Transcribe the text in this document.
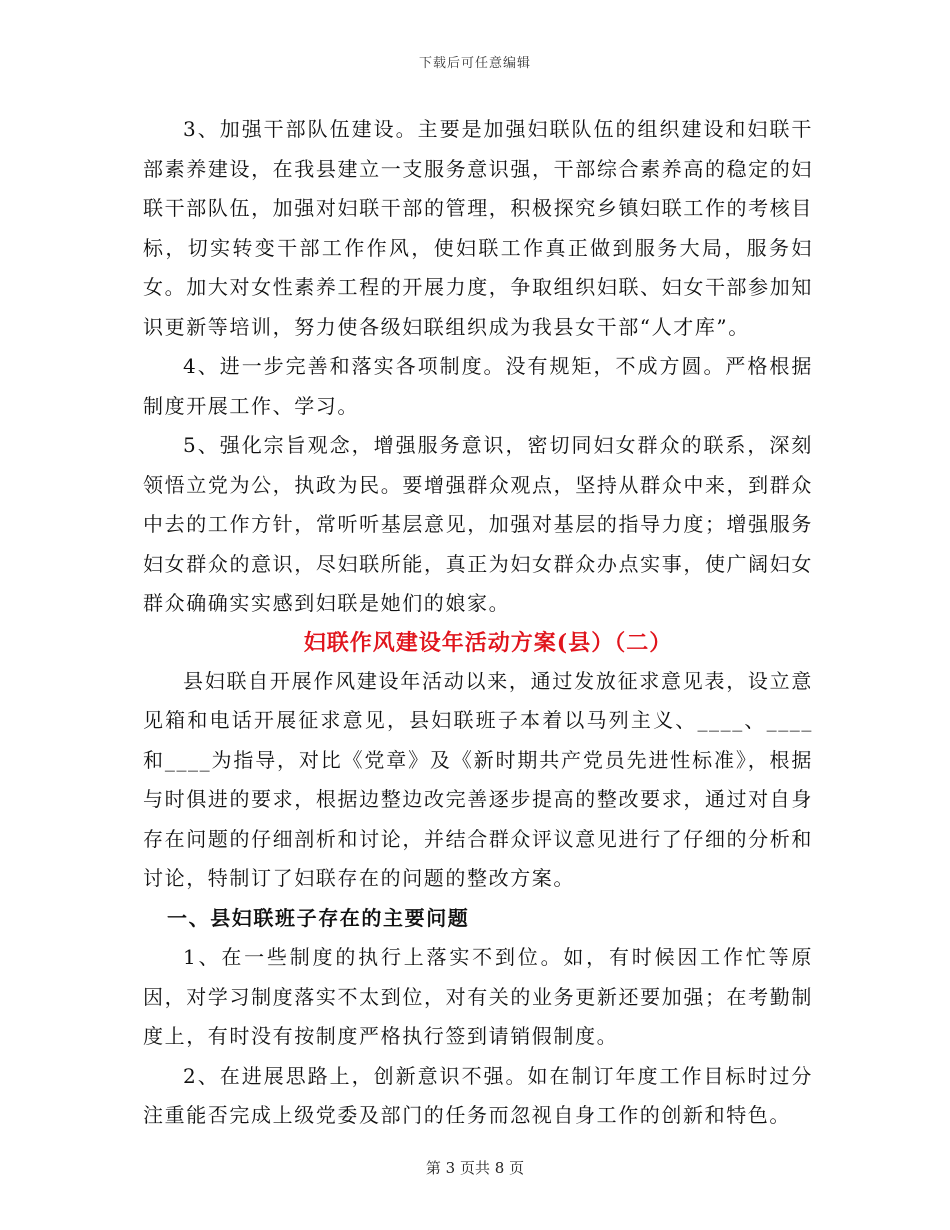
下载后可任意编辑

3、加强干部队伍建设。主要是加强妇联队伍的组织建设和妇联干部素养建设，在我县建立一支服务意识强，干部综合素养高的稳定的妇联干部队伍，加强对妇联干部的管理，积极探究乡镇妇联工作的考核目标，切实转变干部工作作风，使妇联工作真正做到服务大局，服务妇女。加大对女性素养工程的开展力度，争取组织妇联、妇女干部参加知识更新等培训，努力使各级妇联组织成为我县女干部“人才库”。

4、进一步完善和落实各项制度。没有规矩，不成方圆。严格根据制度开展工作、学习。

5、强化宗旨观念，增强服务意识，密切同妇女群众的联系，深刻领悟立党为公，执政为民。要增强群众观点，坚持从群众中来，到群众中去的工作方针，常听听基层意见，加强对基层的指导力度；增强服务妇女群众的意识，尽妇联所能，真正为妇女群众办点实事，使广阔妇女群众确确实实感到妇联是她们的娘家。

妇联作风建设年活动方案(县）（二）

县妇联自开展作风建设年活动以来，通过发放征求意见表，设立意见箱和电话开展征求意见，县妇联班子本着以马列主义、____、____和____为指导，对比《党章》及《新时期共产党员先进性标准》，根据与时俱进的要求，根据边整边改完善逐步提高的整改要求，通过对自身存在问题的仔细剖析和讨论，并结合群众评议意见进行了仔细的分析和讨论，特制订了妇联存在的问题的整改方案。

一、县妇联班子存在的主要问题

1、在一些制度的执行上落实不到位。如，有时候因工作忙等原因，对学习制度落实不太到位，对有关的业务更新还要加强；在考勤制度上，有时没有按制度严格执行签到请销假制度。

2、在进展思路上，创新意识不强。如在制订年度工作目标时过分注重能否完成上级党委及部门的任务而忽视自身工作的创新和特色。

第 3 页共 8 页
